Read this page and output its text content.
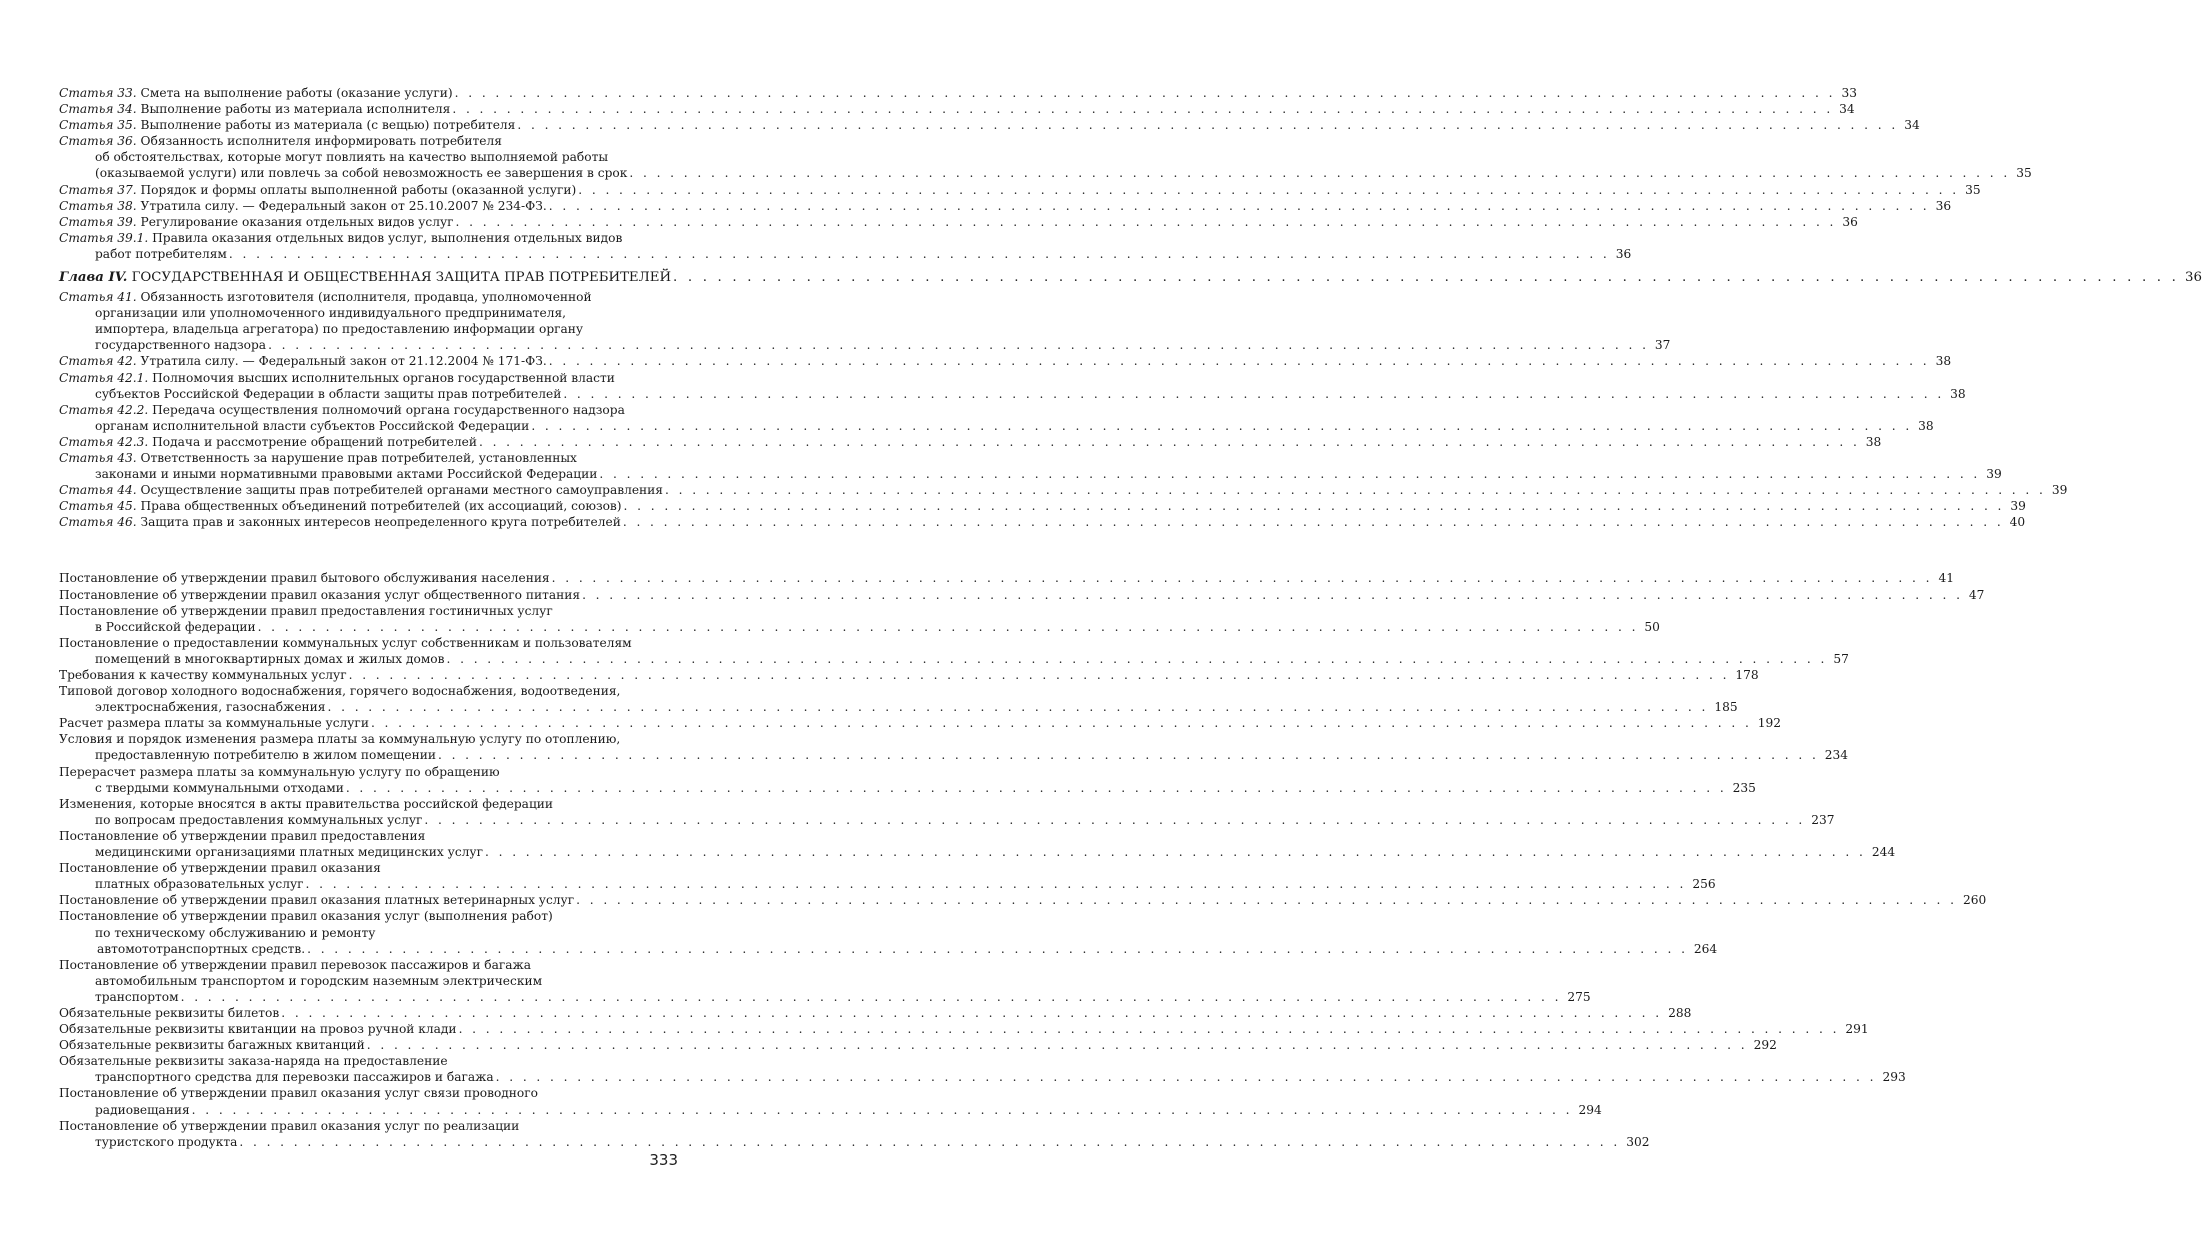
Статья 33. Смета на выполнение работы (оказание услуги) . . .	33
Статья 34. Выполнение работы из материала исполнителя . . .	34
Статья 35. Выполнение работы из материала (с вещью) потребителя . . .	34
Статья 36. Обязанность исполнителя информировать потребителя
об обстоятельствах, которые могут повлиять на качество выполняемой работы
(оказываемой услуги) или повлечь за собой невозможность ее завершения в срок . . .	35
Статья 37. Порядок и формы оплаты выполненной работы (оказанной услуги) . . .	35
Статья 38. Утратила силу. — Федеральный закон от 25.10.2007 № 234-ФЗ. . . .	36
Статья 39. Регулирование оказания отдельных видов услуг . . .	36
Статья 39.1. Правила оказания отдельных видов услуг, выполнения отдельных видов
работ потребителям . . .	36
Глава IV. ГОСУДАРСТВЕННАЯ И ОБЩЕСТВЕННАЯ ЗАЩИТА ПРАВ ПОТРЕБИТЕЛЕЙ . . .	36
Статья 41. Обязанность изготовителя (исполнителя, продавца, уполномоченной
организации или уполномоченного индивидуального предпринимателя,
импортера, владельца агрегатора) по предоставлению информации органу
государственного надзора . . .	37
Статья 42. Утратила силу. — Федеральный закон от 21.12.2004 № 171-ФЗ. . . .	38
Статья 42.1. Полномочия высших исполнительных органов государственной власти
субъектов Российской Федерации в области защиты прав потребителей . . .	38
Статья 42.2. Передача осуществления полномочий органа государственного надзора
органам исполнительной власти субъектов Российской Федерации . . .	38
Статья 42.3. Подача и рассмотрение обращений потребителей . . .	38
Статья 43. Ответственность за нарушение прав потребителей, установленных
законами и иными нормативными правовыми актами Российской Федерации . . .	39
Статья 44. Осуществление защиты прав потребителей органами местного самоуправления . . .	39
Статья 45. Права общественных объединений потребителей (их ассоциаций, союзов) . . .	39
Статья 46. Защита прав и законных интересов неопределенного круга потребителей . . .	40
Постановление об утверждении правил бытового обслуживания населения . . .	41
Постановление об утверждении правил оказания услуг общественного питания . . .	47
Постановление об утверждении правил предоставления гостиничных услуг
в Российской федерации . . .	50
Постановление о предоставлении коммунальных услуг собственникам и пользователям
помещений в многоквартирных домах и жилых домов . . .	57
Требования к качеству коммунальных услуг . . .	178
Типовой договор холодного водоснабжения, горячего водоснабжения, водоотведения,
электроснабжения, газоснабжения . . .	185
Расчет размера платы за коммунальные услуги . . .	192
Условия и порядок изменения размера платы за коммунальную услугу по отоплению,
предоставленную потребителю в жилом помещении . . .	234
Перерасчет размера платы за коммунальную услугу по обращению
с твердыми коммунальными отходами . . .	235
Изменения, которые вносятся в акты правительства российской федерации
по вопросам предоставления коммунальных услуг . . .	237
Постановление об утверждении правил предоставления
медицинскими организациями платных медицинских услуг . . .	244
Постановление об утверждении правил оказания
платных образовательных услуг . . .	256
Постановление об утверждении правил оказания платных ветеринарных услуг . . .	260
Постановление об утверждении правил оказания услуг (выполнения работ)
по техническому обслуживанию и ремонту
автомототранспортных средств. . . .	264
Постановление об утверждении правил перевозок пассажиров и багажа
автомобильным транспортом и городским наземным электрическим
транспортом . . .	275
Обязательные реквизиты билетов . . .	288
Обязательные реквизиты квитанции на провоз ручной клади . . .	291
Обязательные реквизиты багажных квитанций . . .	292
Обязательные реквизиты заказа-наряда на предоставление
транспортного средства для перевозки пассажиров и багажа . . .	293
Постановление об утверждении правил оказания услуг связи проводного
радиовещания . . .	294
Постановление об утверждении правил оказания услуг по реализации
туристского продукта . . .	302
333
